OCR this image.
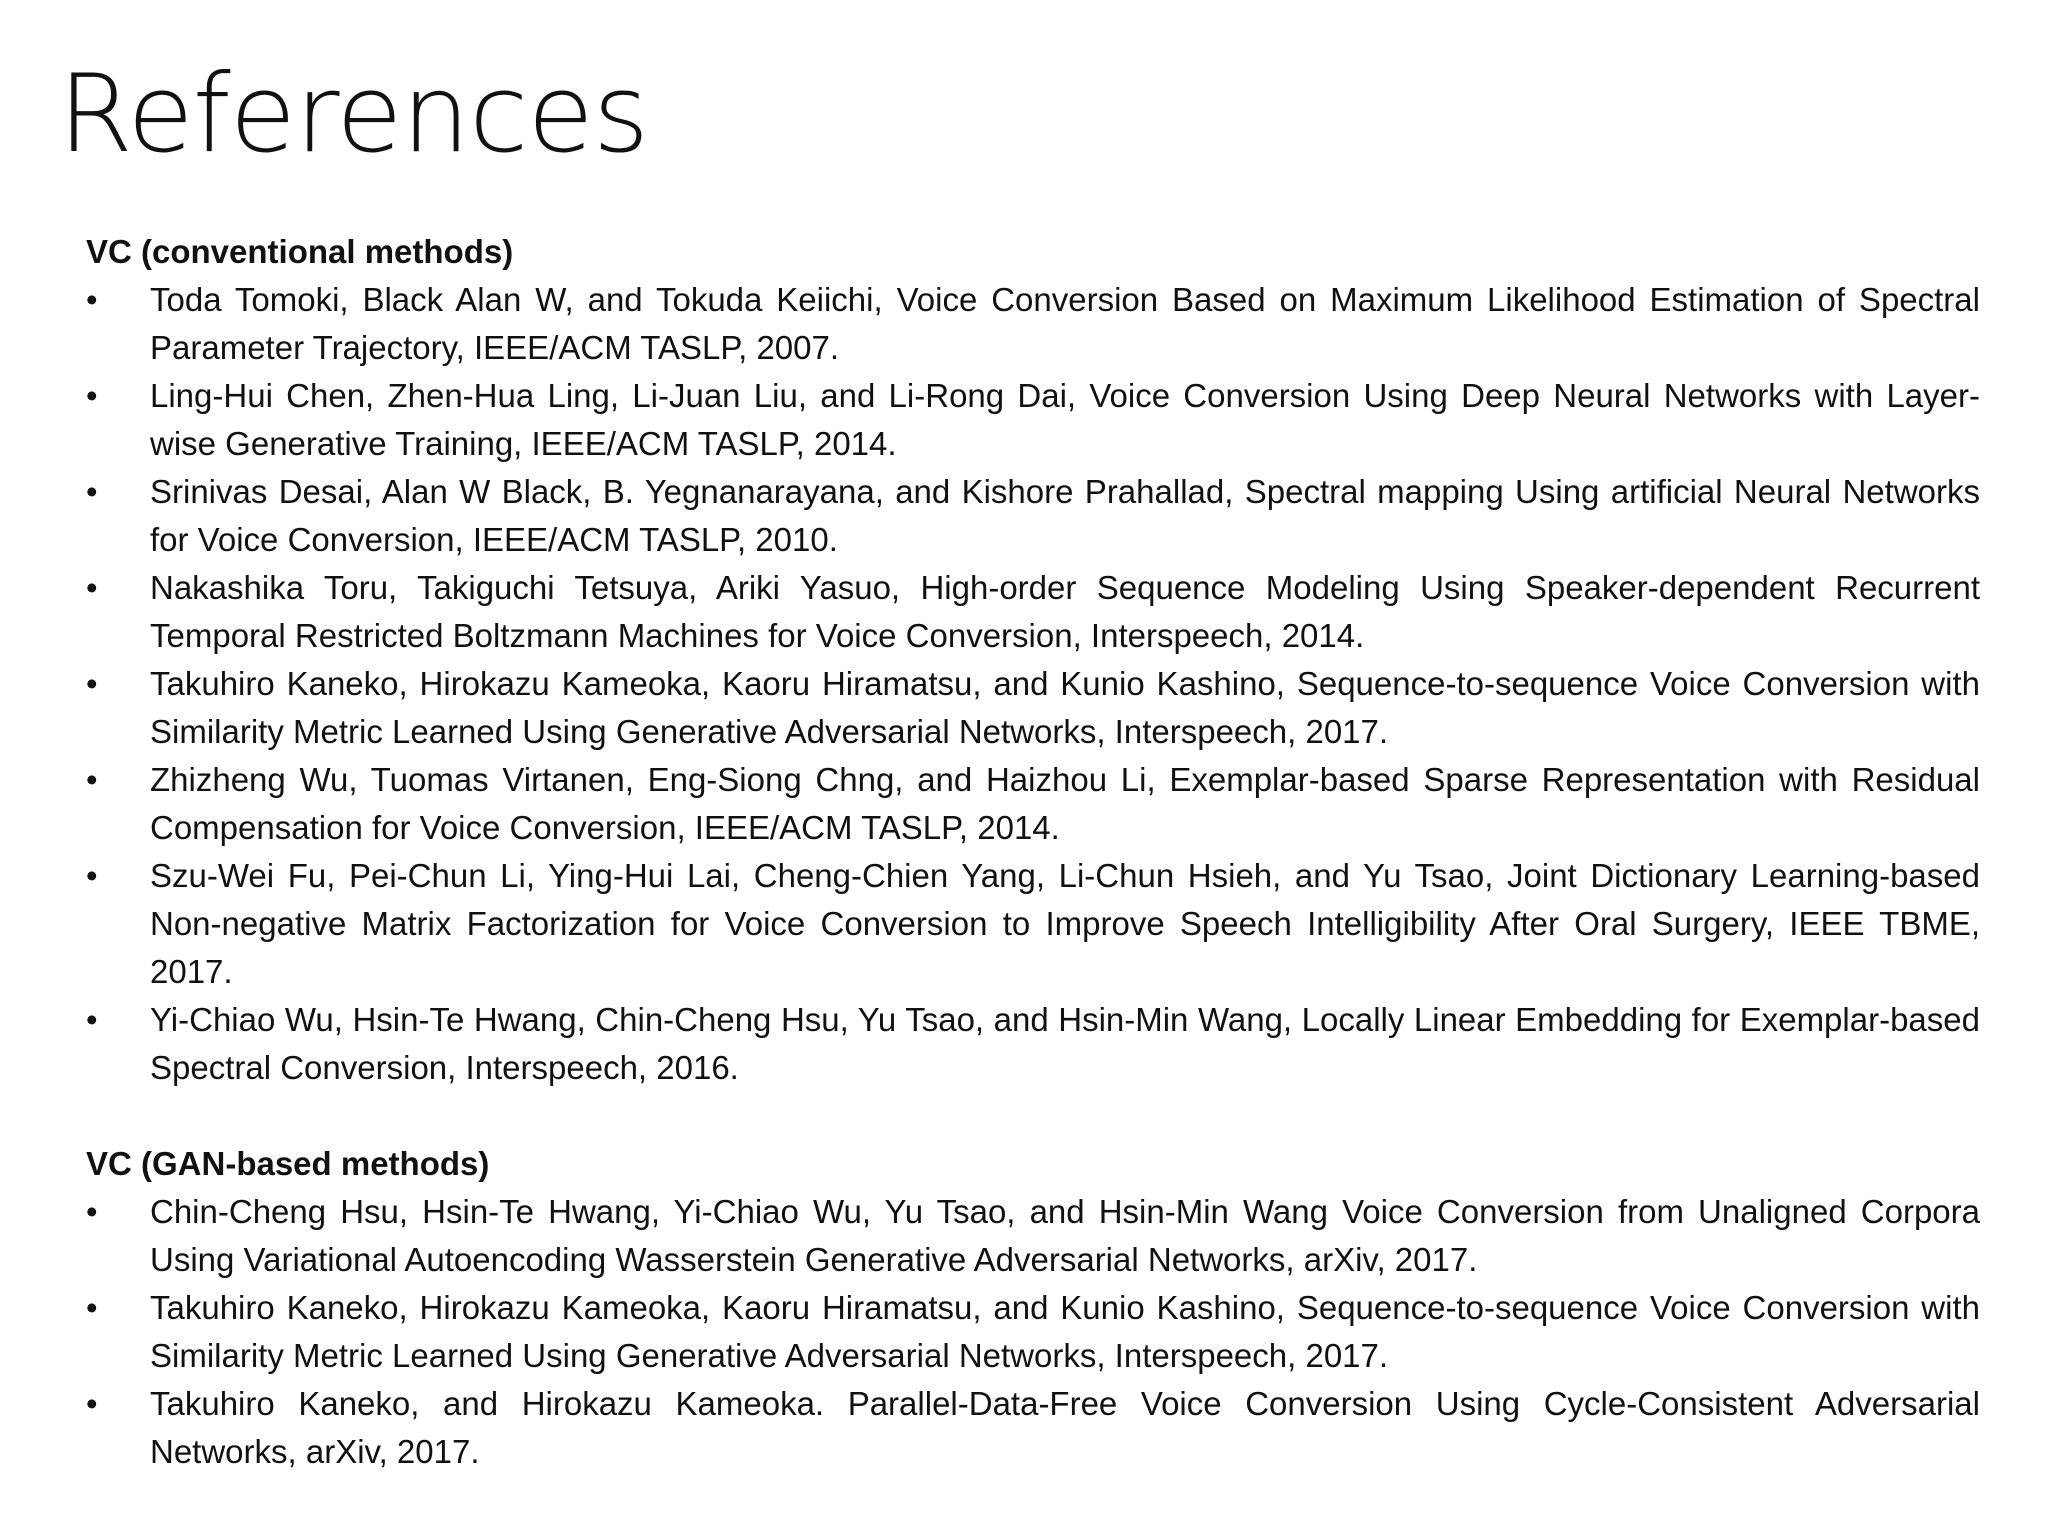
References
VC (conventional methods)
•	Toda Tomoki, Black Alan W, and Tokuda Keiichi, Voice Conversion Based on Maximum Likelihood Estimation of Spectral Parameter Trajectory, IEEE/ACM TASLP, 2007.
•	Ling-Hui Chen, Zhen-Hua Ling, Li-Juan Liu, and Li-Rong Dai, Voice Conversion Using Deep Neural Networks with Layer-wise Generative Training, IEEE/ACM TASLP, 2014.
•	Srinivas Desai, Alan W Black, B. Yegnanarayana, and Kishore Prahallad, Spectral mapping Using artificial Neural Networks for Voice Conversion, IEEE/ACM TASLP, 2010.
•	Nakashika Toru, Takiguchi Tetsuya, Ariki Yasuo, High-order Sequence Modeling Using Speaker-dependent Recurrent Temporal Restricted Boltzmann Machines for Voice Conversion, Interspeech, 2014.
•	Takuhiro Kaneko, Hirokazu Kameoka, Kaoru Hiramatsu, and Kunio Kashino, Sequence-to-sequence Voice Conversion with Similarity Metric Learned Using Generative Adversarial Networks, Interspeech, 2017.
•	Zhizheng Wu, Tuomas Virtanen, Eng-Siong Chng, and Haizhou Li, Exemplar-based Sparse Representation with Residual Compensation for Voice Conversion, IEEE/ACM TASLP, 2014.
•	Szu-Wei Fu, Pei-Chun Li, Ying-Hui Lai, Cheng-Chien Yang, Li-Chun Hsieh, and Yu Tsao, Joint Dictionary Learning-based Non-negative Matrix Factorization for Voice Conversion to Improve Speech Intelligibility After Oral Surgery, IEEE TBME, 2017.
•	Yi-Chiao Wu, Hsin-Te Hwang, Chin-Cheng Hsu, Yu Tsao, and Hsin-Min Wang, Locally Linear Embedding for Exemplar-based Spectral Conversion, Interspeech, 2016.
VC (GAN-based methods)
•	Chin-Cheng Hsu, Hsin-Te Hwang, Yi-Chiao Wu, Yu Tsao, and Hsin-Min Wang Voice Conversion from Unaligned Corpora Using Variational Autoencoding Wasserstein Generative Adversarial Networks, arXiv, 2017.
•	Takuhiro Kaneko, Hirokazu Kameoka, Kaoru Hiramatsu, and Kunio Kashino, Sequence-to-sequence Voice Conversion with Similarity Metric Learned Using Generative Adversarial Networks, Interspeech, 2017.
•	Takuhiro Kaneko, and Hirokazu Kameoka. Parallel-Data-Free Voice Conversion Using Cycle-Consistent Adversarial Networks, arXiv, 2017.
